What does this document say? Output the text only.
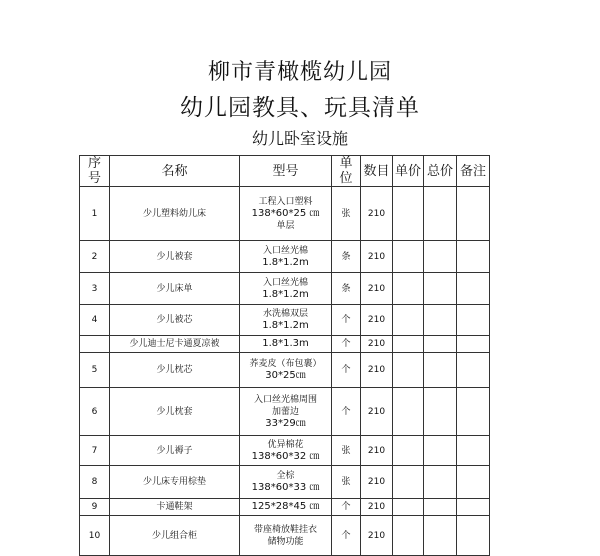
柳市青橄榄幼儿园
幼儿园教具、玩具清单
幼儿卧室设施
序号	名称	型号	单位	数目	单价	总价	备注
1	少儿塑料幼儿床	工程入口塑料
138*60*25 ㎝
单层	张	210			
2	少儿被套	入口丝光棉
1.8*1.2m	条	210			
3	少儿床单	入口丝光棉
1.8*1.2m	条	210			
4	少儿被芯	水洗棉双层
1.8*1.2m	个	210			
	少儿迪士尼卡通夏凉被	1.8*1.3m	个	210			
5	少儿枕芯	荞麦皮（布包裹）
30*25㎝	个	210			
6	少儿枕套	入口丝光棉周围
加蕾边
33*29㎝	个	210			
7	少儿褥子	优异棉花
138*60*32 ㎝	张	210			
8	少儿床专用棕垫	全棕
138*60*33 ㎝	张	210			
9	卡通鞋架	125*28*45 ㎝	个	210			
10	少儿组合柜	带座椅放鞋挂衣
储物功能	个	210			
